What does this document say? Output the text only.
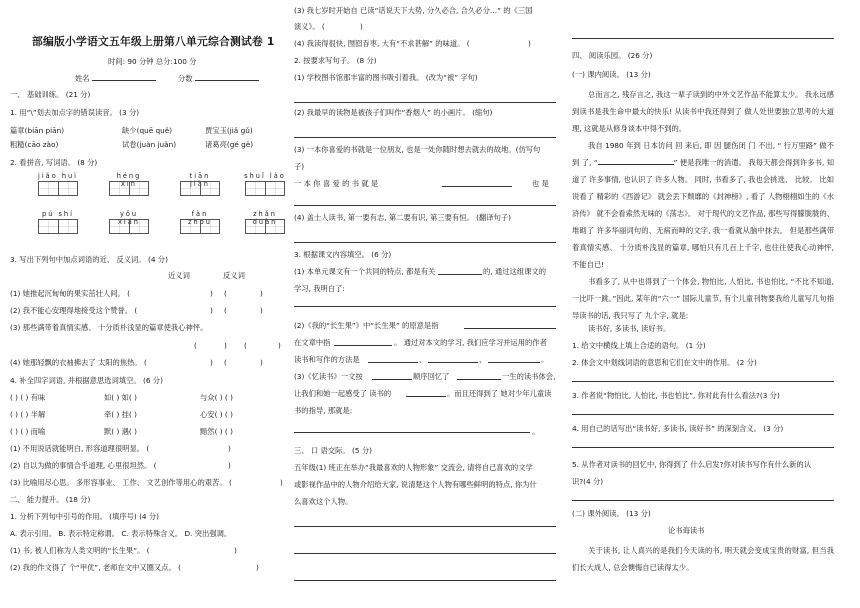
部编版小学语文五年级上册第八单元综合测试卷 1
时间: 90 分钟 总分:100 分
姓名	分数
一、 基础训练。 (21 分)
1. 用“\”划去加点字的错误读音。 (3 分)
篇章(biān piān)	缺少(quē quě)	贾宝玉(jiǎ gǔ)
粗糙(cāo zào)	试卷(juàn juǎn)	诸葛亮(gé gě)
2. 看拼音, 写词语。 (8 分)
jiǎo huì	héng	tiān	shuǐ lào
pú shí	yǒu	fàn	zhǎn
3. 写出下列句中加点词语的近、 反义词。 (4 分)
近义词	反义词
(1) 她推起沉甸甸的果实茁壮人间。 (	) (	)
(2) 我不能心安理得地接受这个赞誉。 (	) (	)
(3) 那些满带着真情实感、 十分质朴浅显的篇章使我心神怦。
(	) (	)
(4) 她那轻飘的衣袖拂去了 太阳的焦热。 (	) (	)
4. 补全四字词语, 并根据意思选词填空。 (6 分)
( ) ( ) 有味	如( ) 如( )	与众( ) ( )
( ) ( ) 半解	牵( ) 挂( )	心安( ) ( )
( ) ( ) 而喻	默( ) 遇( )	黯然( ) ( )
(1) 不用说话就能明白, 形容道理很明显。 (	)
(2) 自以为做的事情合乎道理, 心里很坦然。 (	)
(3) 比喻用尽心思。 多形容事业、 工作、 文艺创作等用心的艰苦。 (	)
二、 能力提升。 (18 分)
1. 分析下列句中引号的作用。 (填序号) (4 分)
A. 表示引用。 B. 表示特定称谓。 C. 表示特殊含义。 D. 突出强调。
(1) 书, 被人们称为人类文明的“长生果”。 (	)
(2) 我的作文得了 个“甲优”, 老师在文中又圈又点。 (	)
(3) 我七岁时开始自 已读“话说天下大势, 分久必合, 合久必分…” 的《三国
演义》。 (	)
(4) 我读得很快, 囫囵吞枣, 大有“不求甚解” 的味道。 (	)
2. 按要求写句子。 (8 分)
(1) 学校图书馆那丰富的图书吸引着我。 (改为“被” 字句)
(2) 我最早的读物是被孩子们叫作“香烟人” 的小画片。 (缩句)
(3) 一本你喜爱的书就是一位朋友, 也是一处你随时想去就去的故地。(仿写句
子)
一 本 你 喜 爱 的 书 就 是	也 是
(4) 盖士人读书, 第一要有志, 第二要有识, 第三要有恒。 (翻译句子)
3. 根据课文内容填空。 (6 分)
(1) 本单元课文有一个共同的特点, 都是有关	的, 通过这组课文的
学习, 我明白了:
(2)《我的“长生果”》中“长生果” 的原意是指
在文章中指	。 通过对本文的学习, 我们应学习并运用的作者
读书和写作的方法是	、	、	。
(3)《忆读书》一文按	顺序回忆了	一生的读书体会,
让我们和她一起感受了 读书的	。而且还得到了 她对少年儿童读
书的指导, 那就是:
。
三、 口 语交际。 (5 分)
五年级(1) 班正在举办“我最喜欢的人物形象” 交流会, 请将自己喜欢的文学
或影视作品中的人物介绍给大家, 说清楚这个人物有哪些鲜明的特点, 你为什
么喜欢这个人物。
四、 阅读乐园。 (26 分)
(一) 课内阅读。 (13 分)
总而言之, 残存言之, 我这一辈子读到的中外文艺作品不能算太少。 我永远感到读书是我生命中最大的快乐! 从读书中我还得到了 做人处世要独立思考的大道理, 这就是从修身谈本中得不到的。
我自 1980 年到 日本访问 回 来后, 即 因 腿伤闭 门 不出, “ 行万里路” 做不到 了, “	” 便是我唯一的消遣。 我每天都会得到许多书, 知道了 许多事情, 也认识了 许多人物。 同时, 书看多了, 我也会挑选、 比较。 比如说看了 精彩的《西游记》 就会丢下颓靡的《封神榜》, 看了 人物栩栩如生的《水浒传》 就不会看索然无味的《荡志》。 对于现代的文艺作品, 那些写得朦胧胧的、堆砌了 许多华丽词句的、无病而呻的文字, 我一看就从脑中抹去。 但是那些满带着真情实感、 十分质朴浅显的篇章, 哪怕只有几百上千字, 也往往使我心动神怦, 不能自已!
书看多了, 从中也得到了一个体会, 物怕比, 人怕比, 书也怕比, “不比不知道, 一比吓一跳。”因此, 某年的“六一” 国际儿童节, 有个儿童刊物要我给儿童写几句指导读书的话, 我只写了 九个字, 就是:
读书好, 多读书, 读好书。
1. 给文中横线上填上合适的语句。 (1 分)
2. 体会文中划线词语的意思和它们在文中的作用。 (2 分)
3. 作者说“物怕比, 人怕比, 书也怕比”, 你对此有什么看法?(3 分)
4. 用自己的话写出“读书好, 多读书, 读好书” 的深刻含义。 (3 分)
5. 从作者对读书的回忆中, 你得到了 什么启发?你对读书写作有什么新的认
识?(4 分)
(二) 课外阅读。 (13 分)
论书诲读书
关于读书, 让人真兴的是我们今天读的书, 明天就会变成宝贵的财富, 但当我们长大成人, 总会懊悔自已读得太少。
